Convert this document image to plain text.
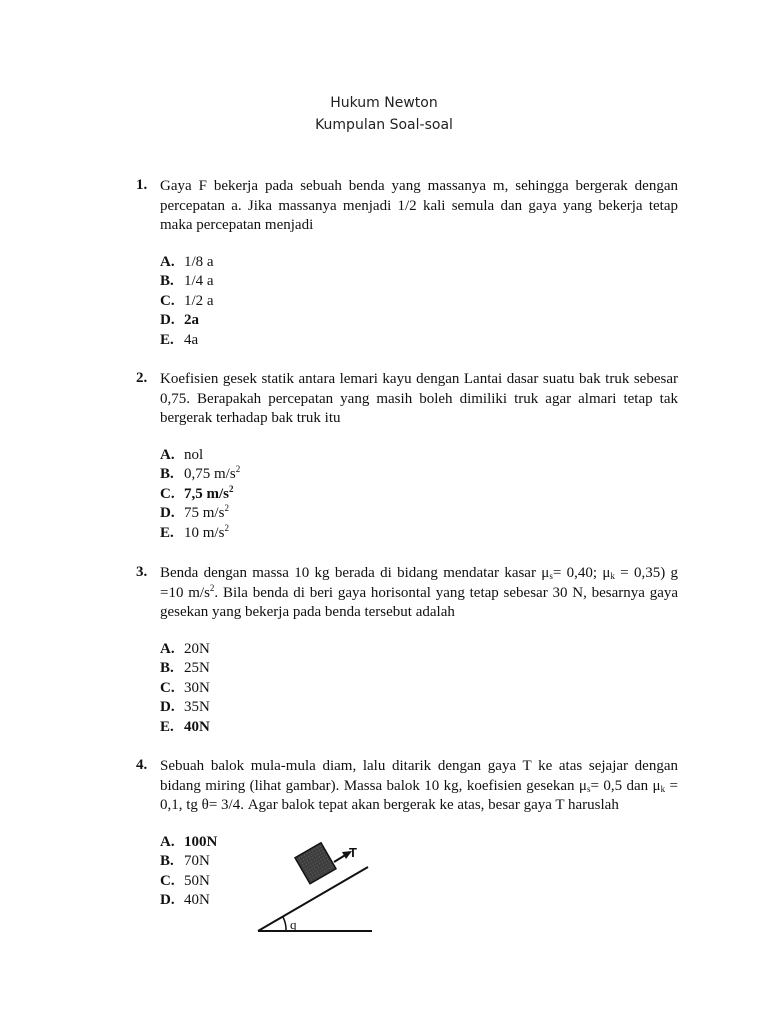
Hukum Newton
Kumpulan Soal-soal
1. Gaya F bekerja pada sebuah benda yang massanya m, sehingga bergerak dengan percepatan a. Jika massanya menjadi 1/2 kali semula dan gaya yang bekerja tetap maka percepatan menjadi
A. 1/8 a
B. 1/4 a
C. 1/2 a
D. 2a
E. 4a
2. Koefisien gesek statik antara lemari kayu dengan Lantai dasar suatu bak truk sebesar 0,75. Berapakah percepatan yang masih boleh dimiliki truk agar almari tetap tak bergerak terhadap bak truk itu
A. nol
B. 0,75 $m/s^2$
C. 7,5 $m/s^2$
D. 75 $m/s^2$
E. 10 $m/s^2$
3. Benda dengan massa 10 kg berada di bidang mendatar kasar $\mu_s= 0,40$; $\mu_k = 0,35$) g =10 $m/s^2$. Bila benda di beri gaya horisontal yang tetap sebesar 30 N, besarnya gaya gesekan yang bekerja pada benda tersebut adalah
A. 20N
B. 25N
C. 30N
D. 35N
E. 40N
4. Sebuah balok mula-mula diam, lalu ditarik dengan gaya T ke atas sejajar dengan bidang miring (lihat gambar). Massa balok 10 kg, koefisien gesekan $\mu_s= 0,5$ dan $\mu_k = 0,1$, tg θ= 3/4. Agar balok tepat akan bergerak ke atas, besar gaya T haruslah
A. 100N
B. 70N
C. 50N
D. 40N
T
q
